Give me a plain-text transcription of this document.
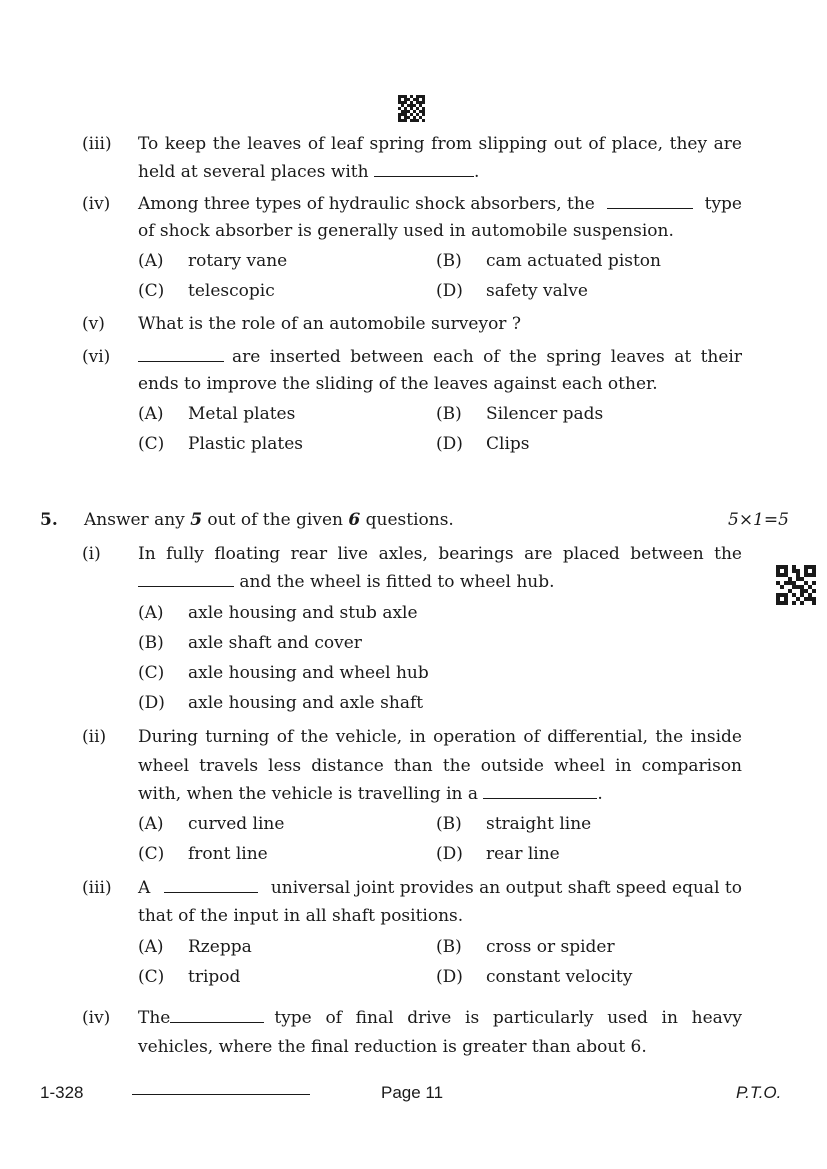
(iii) To keep the leaves of leaf spring from slipping out of place, they are
held at several places with	.
(iv) Among three types of hydraulic shock absorbers, the	type
of shock absorber is generally used in automobile suspension.
(A) rotary vane	(B) cam actuated piston
(C) telescopic	(D) safety valve
(v) What is the role of an automobile surveyor ?
(vi)	are inserted between each of the spring leaves at their
ends to improve the sliding of the leaves against each other.
(A) Metal plates	(B) Silencer pads
(C) Plastic plates	(D) Clips
5. Answer any 5 out of the given 6 questions.	5×1=5
(i) In fully floating rear live axles, bearings are placed between the
and the wheel is fitted to wheel hub.
(A) axle housing and stub axle
(B) axle shaft and cover
(C) axle housing and wheel hub
(D) axle housing and axle shaft
(ii) During turning of the vehicle, in operation of differential, the inside
wheel travels less distance than the outside wheel in comparison
with, when the vehicle is travelling in a	.
(A) curved line	(B) straight line
(C) front line	(D) rear line
(iii) A	universal joint provides an output shaft speed equal to
that of the input in all shaft positions.
(A) Rzeppa	(B) cross or spider
(C) tripod	(D) constant velocity
(iv) The	type of final drive is particularly used in heavy
vehicles, where the final reduction is greater than about 6.
1-328	Page 11	P.T.O.
